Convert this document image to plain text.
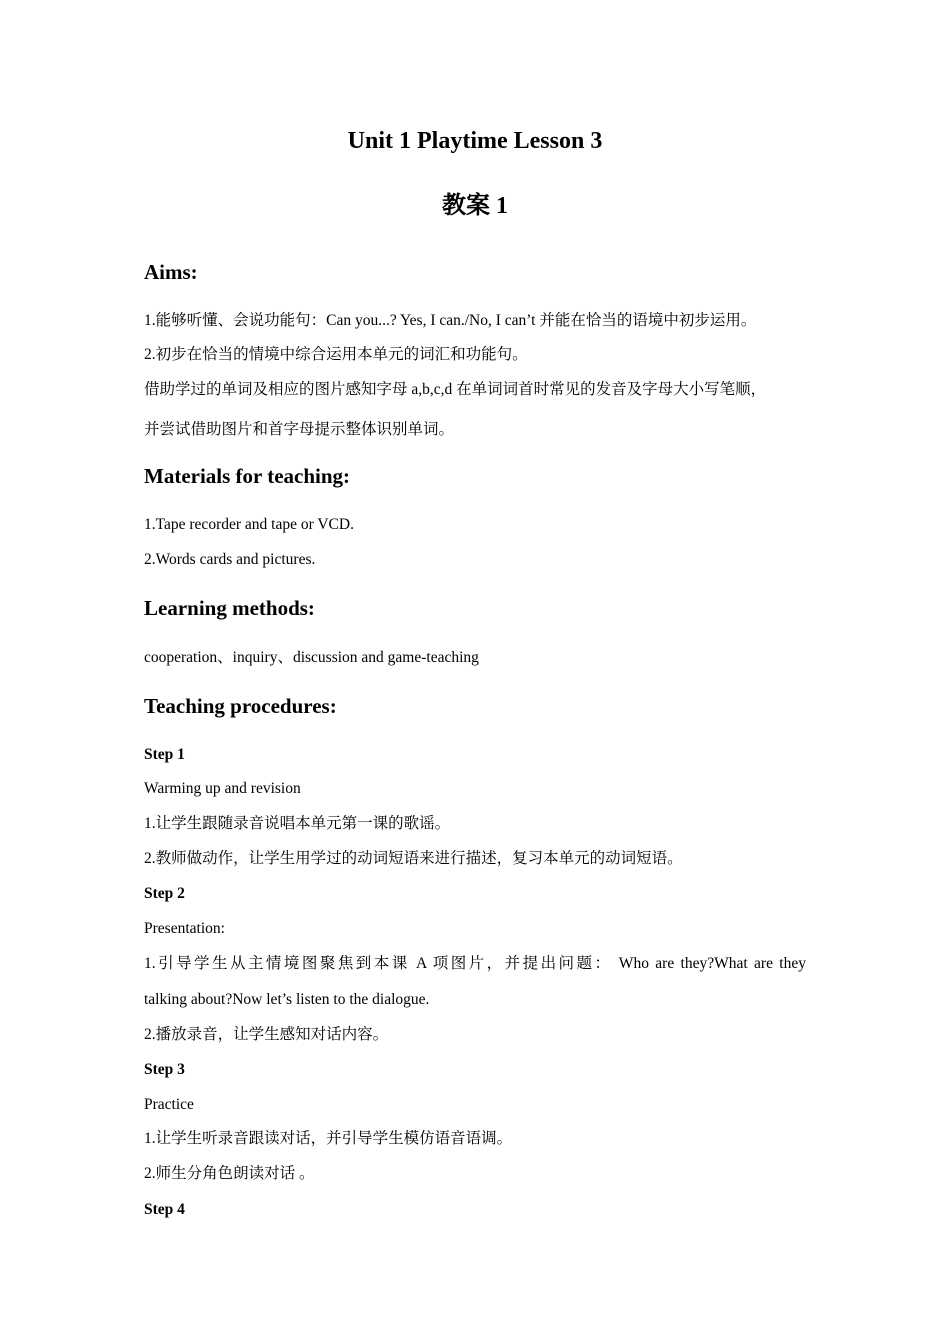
Unit 1 Playtime Lesson 3
教案 1
Aims:

1.能够听懂、会说功能句：Can you...? Yes, I can./No, I can’t 并能在恰当的语境中初步运用。

2.初步在恰当的情境中综合运用本单元的词汇和功能句。

借助学过的单词及相应的图片感知字母 a,b,c,d 在单词词首时常见的发音及字母大小写笔顺，

并尝试借助图片和首字母提示整体识别单词。

Materials for teaching:

1.Tape recorder and tape or VCD.

2.Words cards and pictures.

Learning methods:

cooperation、inquiry、discussion and game-teaching

Teaching procedures:

Step 1

Warming up and revision

1.让学生跟随录音说唱本单元第一课的歌谣。

2.教师做动作，让学生用学过的动词短语来进行描述，复习本单元的动词短语。

Step 2

Presentation:

1.引导学生从主情境图聚焦到本课 A 项图片，并提出问题： Who are they?What are they

talking about?Now let’s listen to the dialogue.

2.播放录音，让学生感知对话内容。

Step 3

Practice

1.让学生听录音跟读对话，并引导学生模仿语音语调。

2.师生分角色朗读对话 。

Step 4
